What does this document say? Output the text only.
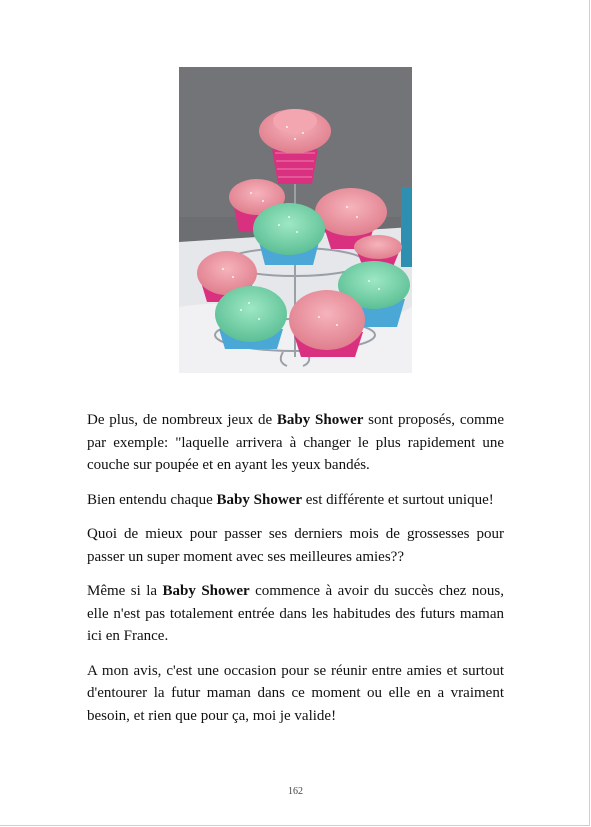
De plus, de nombreux jeux de Baby Shower sont proposés, comme par exemple: "laquelle arrivera à changer le plus rapidement une couche sur poupée et en ayant les yeux bandés.

Bien entendu chaque Baby Shower est différente et surtout unique!

Quoi de mieux pour passer ses derniers mois de grossesses pour passer un super moment avec ses meilleures amies??

Même si la Baby Shower commence à avoir du succès chez nous, elle n'est pas totalement entrée dans les habitudes des futurs maman ici en France.

A mon avis, c'est une occasion pour se réunir entre amies et surtout d'entourer la futur maman dans ce moment ou elle en a vraiment besoin, et rien que pour ça, moi je valide!

162
